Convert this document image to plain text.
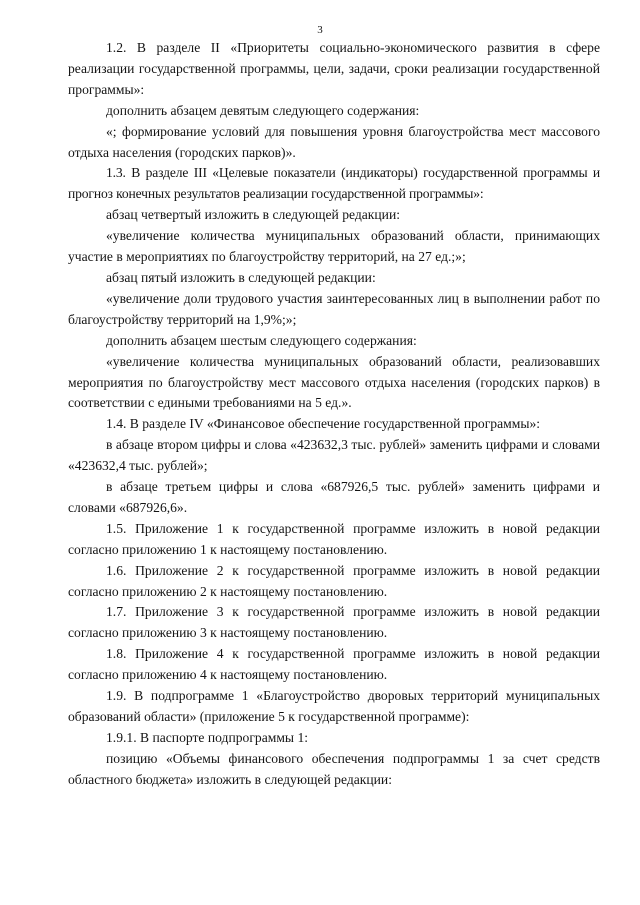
3

1.2. В разделе II «Приоритеты социально-экономического развития в сфере реализации государственной программы, цели, задачи, сроки реализации государственной программы»:

дополнить абзацем девятым следующего содержания:

«; формирование условий для повышения уровня благоустройства мест массового отдыха населения (городских парков)».

1.3. В разделе III «Целевые показатели (индикаторы) государственной программы и прогноз конечных результатов реализации государственной программы»:

абзац четвертый изложить в следующей редакции:

«увеличение количества муниципальных образований области, принимающих участие в мероприятиях по благоустройству территорий, на 27 ед.;»;

абзац пятый изложить в следующей редакции:

«увеличение доли трудового участия заинтересованных лиц в выполнении работ по благоустройству территорий на 1,9%;»;

дополнить абзацем шестым следующего содержания:

«увеличение количества муниципальных образований области, реализовавших мероприятия по благоустройству мест массового отдыха населения (городских парков) в соответствии с едиными требованиями на 5 ед.».

1.4. В разделе IV «Финансовое обеспечение государственной программы»:

в абзаце втором цифры и слова «423632,3 тыс. рублей» заменить цифрами и словами «423632,4 тыс. рублей»;

в абзаце третьем цифры и слова «687926,5 тыс. рублей» заменить цифрами и словами «687926,6».

1.5. Приложение 1 к государственной программе изложить в новой редакции согласно приложению 1 к настоящему постановлению.

1.6. Приложение 2 к государственной программе изложить в новой редакции согласно приложению 2 к настоящему постановлению.

1.7. Приложение 3 к государственной программе изложить в новой редакции согласно приложению 3 к настоящему постановлению.

1.8. Приложение 4 к государственной программе изложить в новой редакции согласно приложению 4 к настоящему постановлению.

1.9. В подпрограмме 1 «Благоустройство дворовых территорий муниципальных образований области» (приложение 5 к государственной программе):

1.9.1. В паспорте подпрограммы 1:

позицию «Объемы финансового обеспечения подпрограммы 1 за счет средств областного бюджета» изложить в следующей редакции:
